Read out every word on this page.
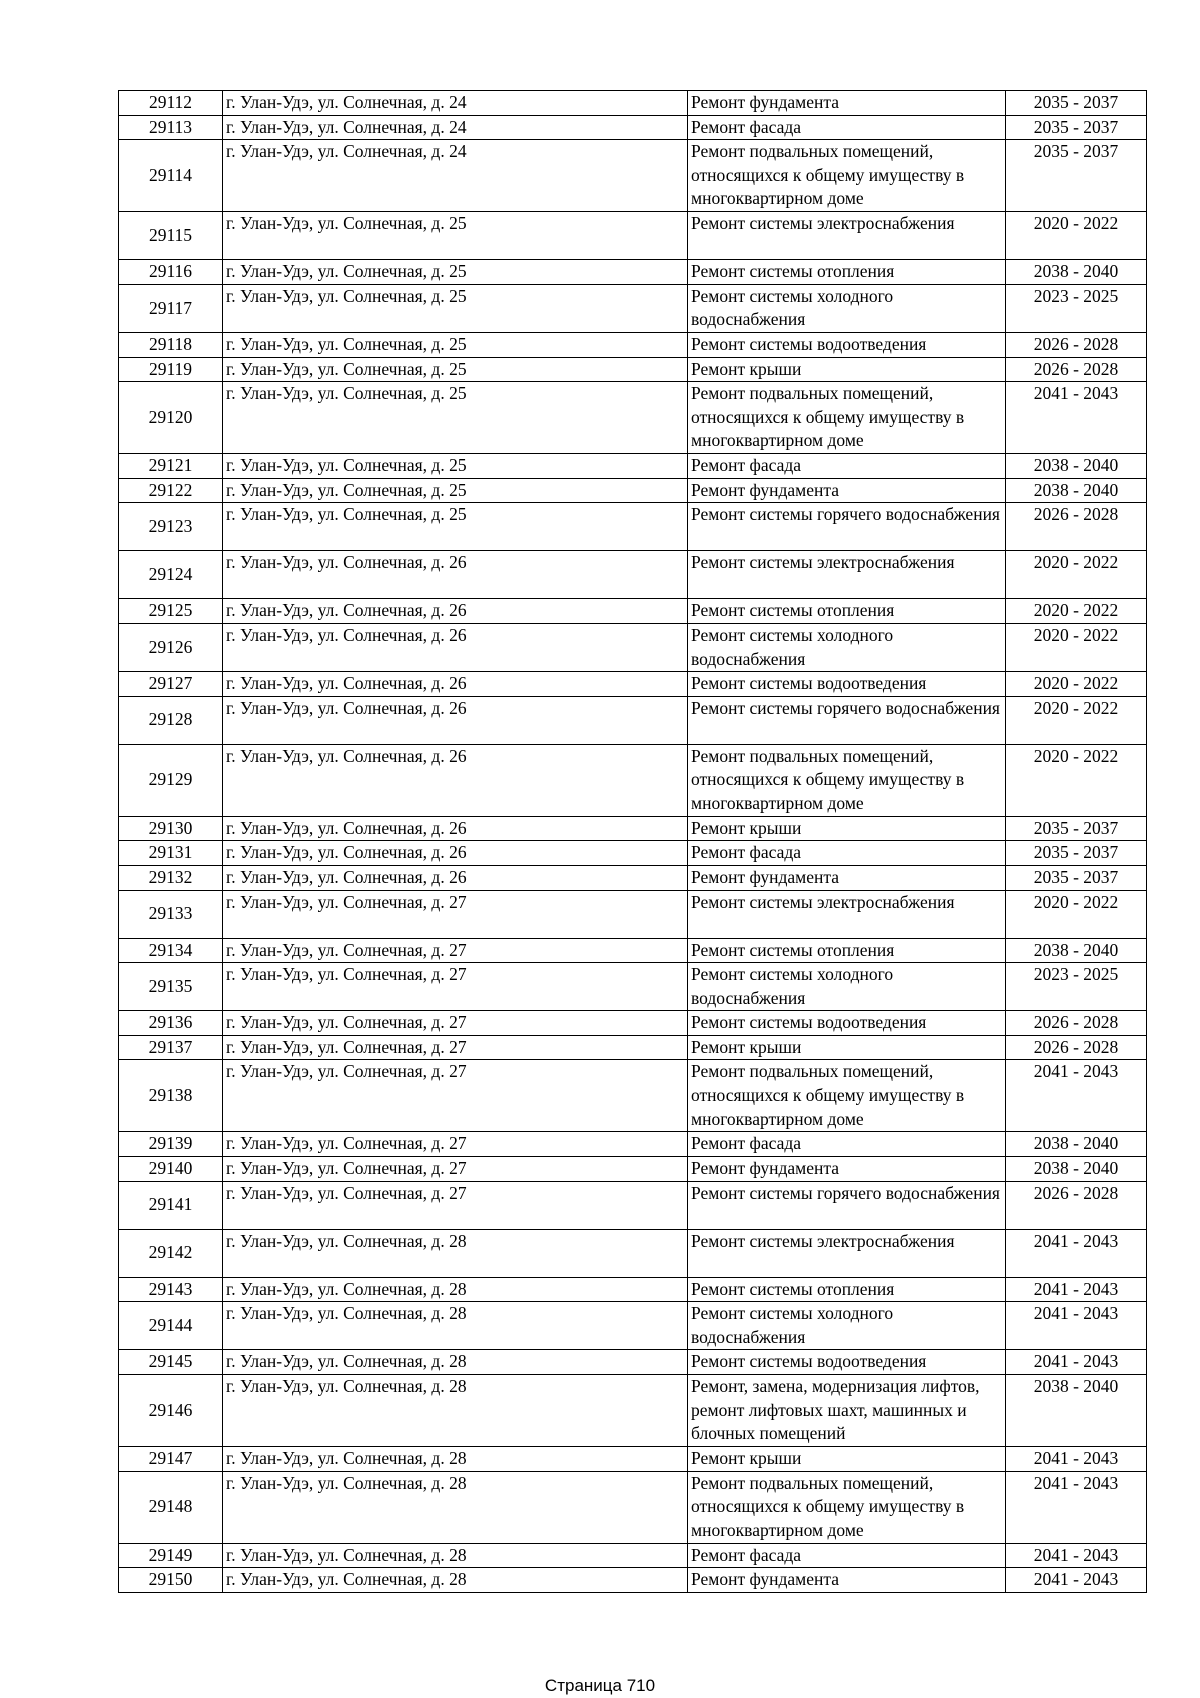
29112	г. Улан-Удэ, ул. Солнечная, д. 24	Ремонт фундамента	2035 - 2037
29113	г. Улан-Удэ, ул. Солнечная, д. 24	Ремонт фасада	2035 - 2037
29114	г. Улан-Удэ, ул. Солнечная, д. 24	Ремонт подвальных помещений, относящихся к общему имуществу в многоквартирном доме	2035 - 2037
29115	г. Улан-Удэ, ул. Солнечная, д. 25	Ремонт системы электроснабжения	2020 - 2022
29116	г. Улан-Удэ, ул. Солнечная, д. 25	Ремонт системы отопления	2038 - 2040
29117	г. Улан-Удэ, ул. Солнечная, д. 25	Ремонт системы холодного водоснабжения	2023 - 2025
29118	г. Улан-Удэ, ул. Солнечная, д. 25	Ремонт системы водоотведения	2026 - 2028
29119	г. Улан-Удэ, ул. Солнечная, д. 25	Ремонт крыши	2026 - 2028
29120	г. Улан-Удэ, ул. Солнечная, д. 25	Ремонт подвальных помещений, относящихся к общему имуществу в многоквартирном доме	2041 - 2043
29121	г. Улан-Удэ, ул. Солнечная, д. 25	Ремонт фасада	2038 - 2040
29122	г. Улан-Удэ, ул. Солнечная, д. 25	Ремонт фундамента	2038 - 2040
29123	г. Улан-Удэ, ул. Солнечная, д. 25	Ремонт системы горячего водоснабжения	2026 - 2028
29124	г. Улан-Удэ, ул. Солнечная, д. 26	Ремонт системы электроснабжения	2020 - 2022
29125	г. Улан-Удэ, ул. Солнечная, д. 26	Ремонт системы отопления	2020 - 2022
29126	г. Улан-Удэ, ул. Солнечная, д. 26	Ремонт системы холодного водоснабжения	2020 - 2022
29127	г. Улан-Удэ, ул. Солнечная, д. 26	Ремонт системы водоотведения	2020 - 2022
29128	г. Улан-Удэ, ул. Солнечная, д. 26	Ремонт системы горячего водоснабжения	2020 - 2022
29129	г. Улан-Удэ, ул. Солнечная, д. 26	Ремонт подвальных помещений, относящихся к общему имуществу в многоквартирном доме	2020 - 2022
29130	г. Улан-Удэ, ул. Солнечная, д. 26	Ремонт крыши	2035 - 2037
29131	г. Улан-Удэ, ул. Солнечная, д. 26	Ремонт фасада	2035 - 2037
29132	г. Улан-Удэ, ул. Солнечная, д. 26	Ремонт фундамента	2035 - 2037
29133	г. Улан-Удэ, ул. Солнечная, д. 27	Ремонт системы электроснабжения	2020 - 2022
29134	г. Улан-Удэ, ул. Солнечная, д. 27	Ремонт системы отопления	2038 - 2040
29135	г. Улан-Удэ, ул. Солнечная, д. 27	Ремонт системы холодного водоснабжения	2023 - 2025
29136	г. Улан-Удэ, ул. Солнечная, д. 27	Ремонт системы водоотведения	2026 - 2028
29137	г. Улан-Удэ, ул. Солнечная, д. 27	Ремонт крыши	2026 - 2028
29138	г. Улан-Удэ, ул. Солнечная, д. 27	Ремонт подвальных помещений, относящихся к общему имуществу в многоквартирном доме	2041 - 2043
29139	г. Улан-Удэ, ул. Солнечная, д. 27	Ремонт фасада	2038 - 2040
29140	г. Улан-Удэ, ул. Солнечная, д. 27	Ремонт фундамента	2038 - 2040
29141	г. Улан-Удэ, ул. Солнечная, д. 27	Ремонт системы горячего водоснабжения	2026 - 2028
29142	г. Улан-Удэ, ул. Солнечная, д. 28	Ремонт системы электроснабжения	2041 - 2043
29143	г. Улан-Удэ, ул. Солнечная, д. 28	Ремонт системы отопления	2041 - 2043
29144	г. Улан-Удэ, ул. Солнечная, д. 28	Ремонт системы холодного водоснабжения	2041 - 2043
29145	г. Улан-Удэ, ул. Солнечная, д. 28	Ремонт системы водоотведения	2041 - 2043
29146	г. Улан-Удэ, ул. Солнечная, д. 28	Ремонт, замена, модернизация лифтов, ремонт лифтовых шахт, машинных и блочных помещений	2038 - 2040
29147	г. Улан-Удэ, ул. Солнечная, д. 28	Ремонт крыши	2041 - 2043
29148	г. Улан-Удэ, ул. Солнечная, д. 28	Ремонт подвальных помещений, относящихся к общему имуществу в многоквартирном доме	2041 - 2043
29149	г. Улан-Удэ, ул. Солнечная, д. 28	Ремонт фасада	2041 - 2043
29150	г. Улан-Удэ, ул. Солнечная, д. 28	Ремонт фундамента	2041 - 2043
Страница 710
